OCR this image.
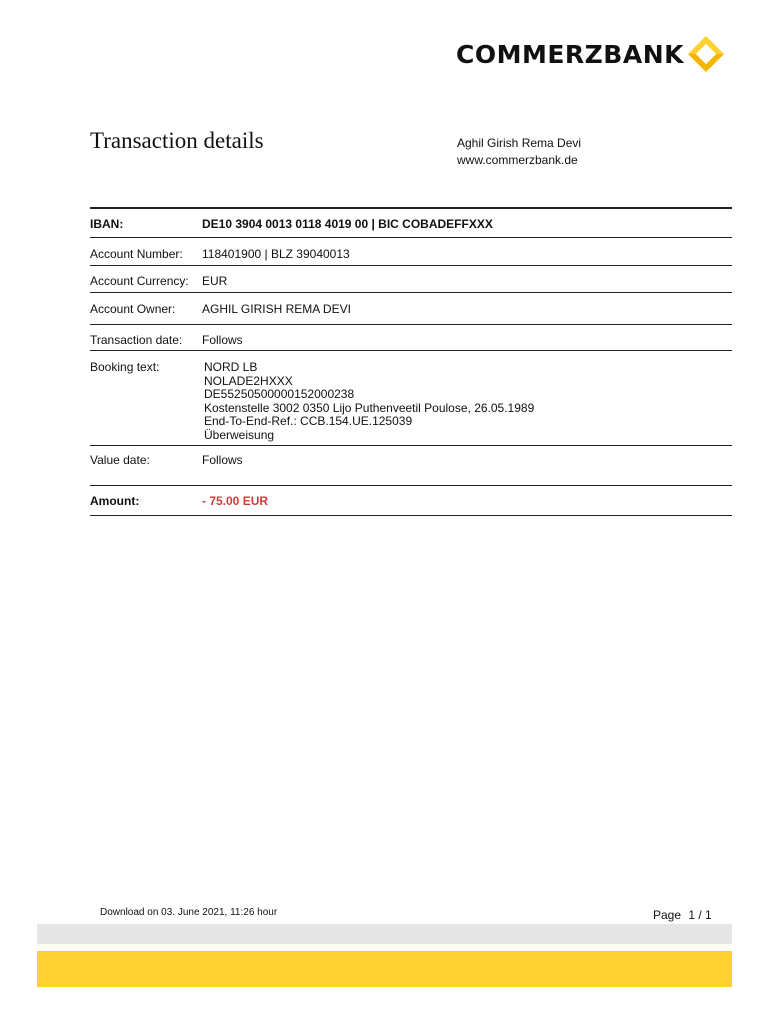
COMMERZBANK
Transaction details	Aghil Girish Rema Devi
www.commerzbank.de
IBAN:	DE10 3904 0013 0118 4019 00 | BIC COBADEFFXXX
Account Number: 118401900 | BLZ 39040013
Account Currency: EUR
Account Owner: AGHIL GIRISH REMA DEVI
Transaction date: Follows
Booking text:	NORD LB
NOLADE2HXXX
DE55250500000152000238
Kostenstelle 3002 0350 Lijo Puthenveetil Poulose, 26.05.1989
End-To-End-Ref.: CCB.154.UE.125039
Überweisung
Value date:	Follows
Amount:	- 75.00 EUR
Download on 03. June 2021, 11:26 hour	Page 1 / 1
